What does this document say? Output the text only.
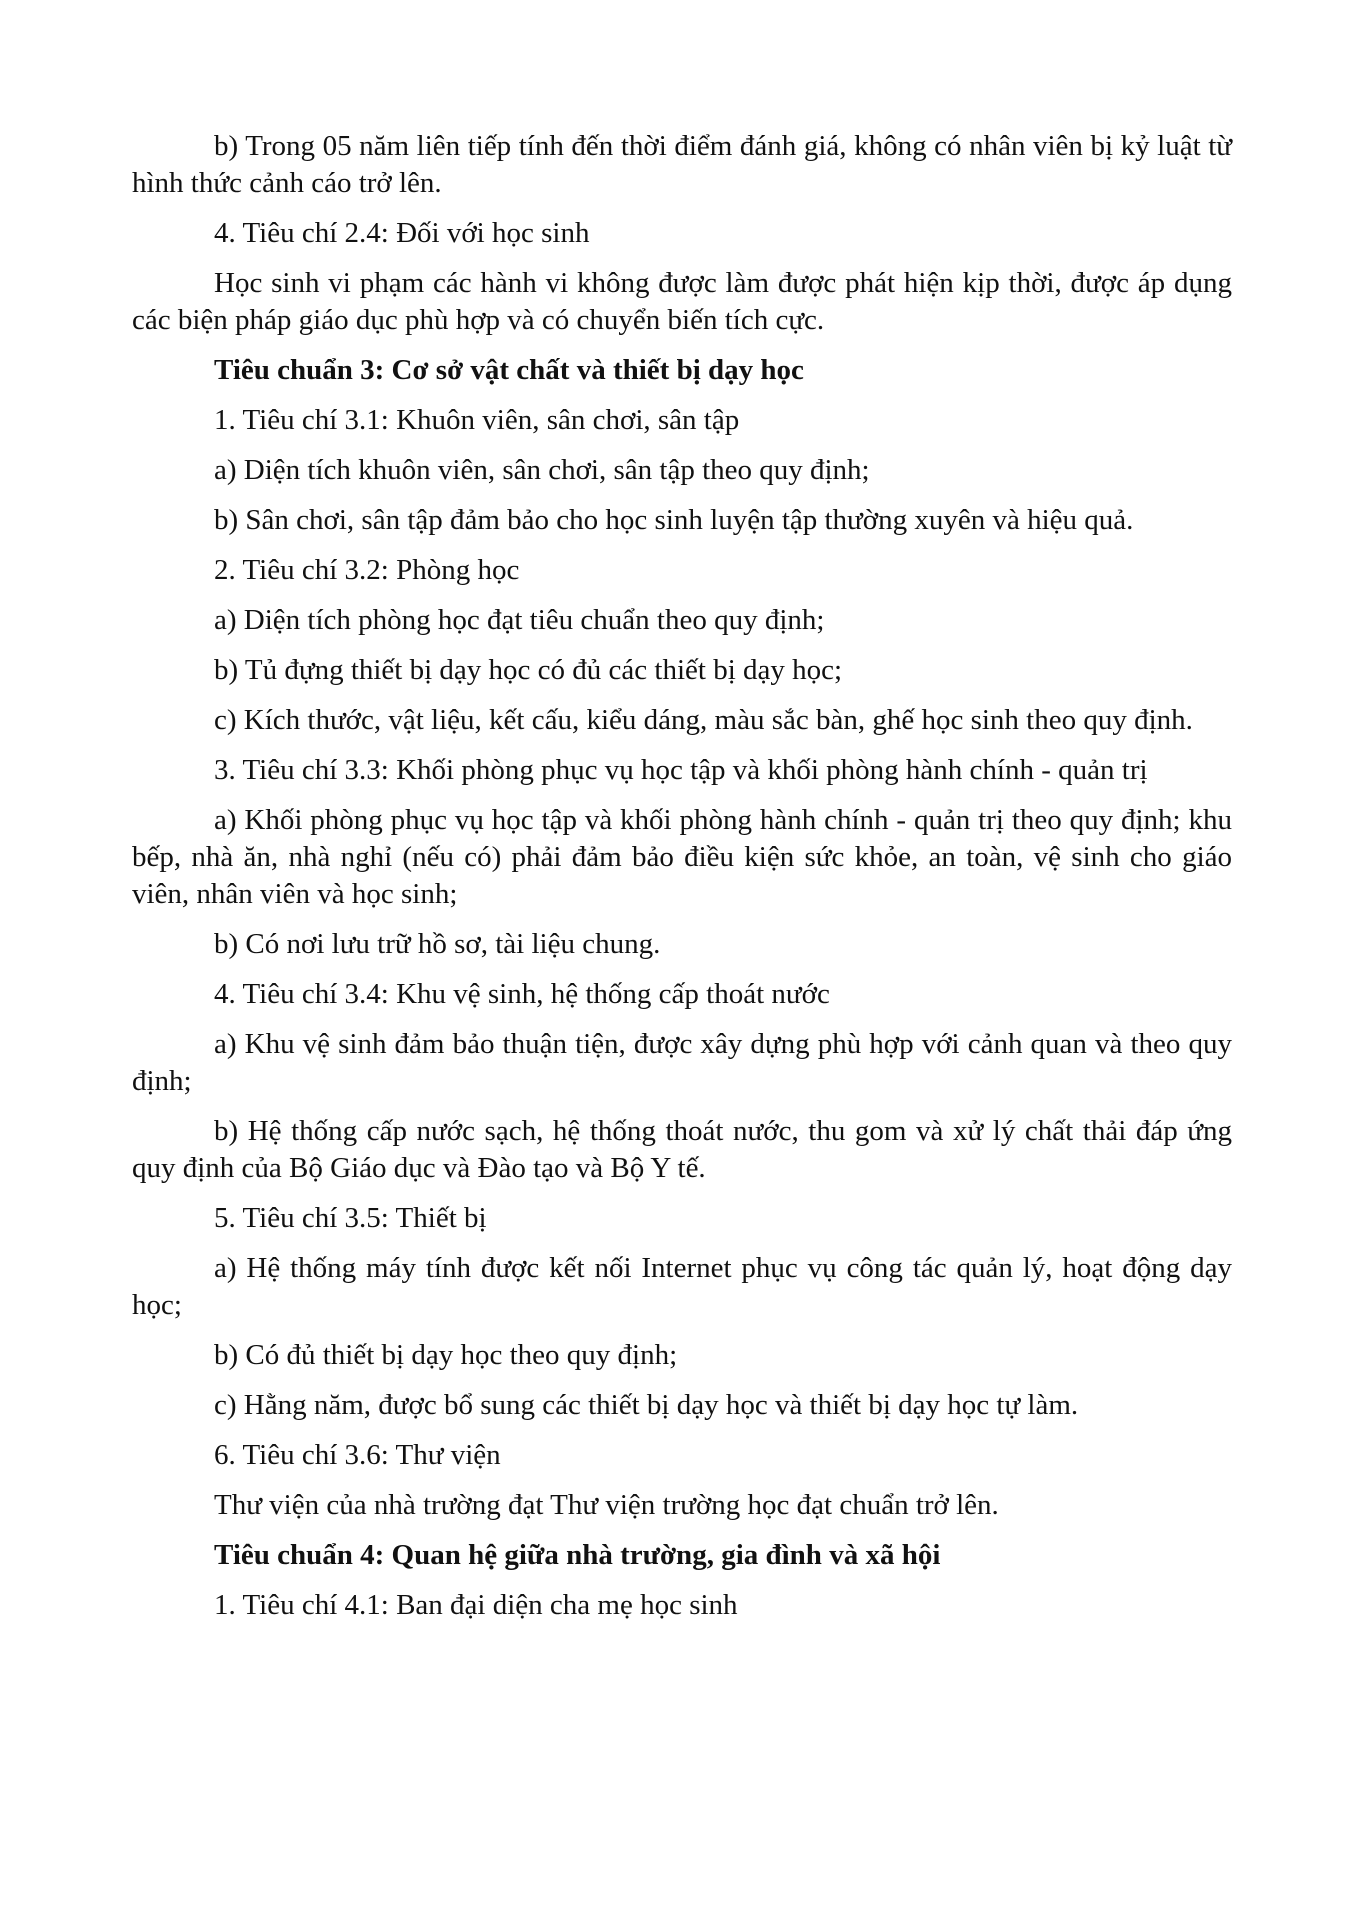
b) Trong 05 năm liên tiếp tính đến thời điểm đánh giá, không có nhân viên bị kỷ luật từ hình thức cảnh cáo trở lên.

4. Tiêu chí 2.4: Đối với học sinh

Học sinh vi phạm các hành vi không được làm được phát hiện kịp thời, được áp dụng các biện pháp giáo dục phù hợp và có chuyển biến tích cực.

Tiêu chuẩn 3: Cơ sở vật chất và thiết bị dạy học

1. Tiêu chí 3.1: Khuôn viên, sân chơi, sân tập

a) Diện tích khuôn viên, sân chơi, sân tập theo quy định;

b) Sân chơi, sân tập đảm bảo cho học sinh luyện tập thường xuyên và hiệu quả.

2. Tiêu chí 3.2: Phòng học

a) Diện tích phòng học đạt tiêu chuẩn theo quy định;

b) Tủ đựng thiết bị dạy học có đủ các thiết bị dạy học;

c) Kích thước, vật liệu, kết cấu, kiểu dáng, màu sắc bàn, ghế học sinh theo quy định.

3. Tiêu chí 3.3: Khối phòng phục vụ học tập và khối phòng hành chính - quản trị

a) Khối phòng phục vụ học tập và khối phòng hành chính - quản trị theo quy định; khu bếp, nhà ăn, nhà nghỉ (nếu có) phải đảm bảo điều kiện sức khỏe, an toàn, vệ sinh cho giáo viên, nhân viên và học sinh;

b) Có nơi lưu trữ hồ sơ, tài liệu chung.

4. Tiêu chí 3.4: Khu vệ sinh, hệ thống cấp thoát nước

a) Khu vệ sinh đảm bảo thuận tiện, được xây dựng phù hợp với cảnh quan và theo quy định;

b) Hệ thống cấp nước sạch, hệ thống thoát nước, thu gom và xử lý chất thải đáp ứng quy định của Bộ Giáo dục và Đào tạo và Bộ Y tế.

5. Tiêu chí 3.5: Thiết bị

a) Hệ thống máy tính được kết nối Internet phục vụ công tác quản lý, hoạt động dạy học;

b) Có đủ thiết bị dạy học theo quy định;

c) Hằng năm, được bổ sung các thiết bị dạy học và thiết bị dạy học tự làm.

6. Tiêu chí 3.6: Thư viện

Thư viện của nhà trường đạt Thư viện trường học đạt chuẩn trở lên.

Tiêu chuẩn 4: Quan hệ giữa nhà trường, gia đình và xã hội

1. Tiêu chí 4.1: Ban đại diện cha mẹ học sinh
